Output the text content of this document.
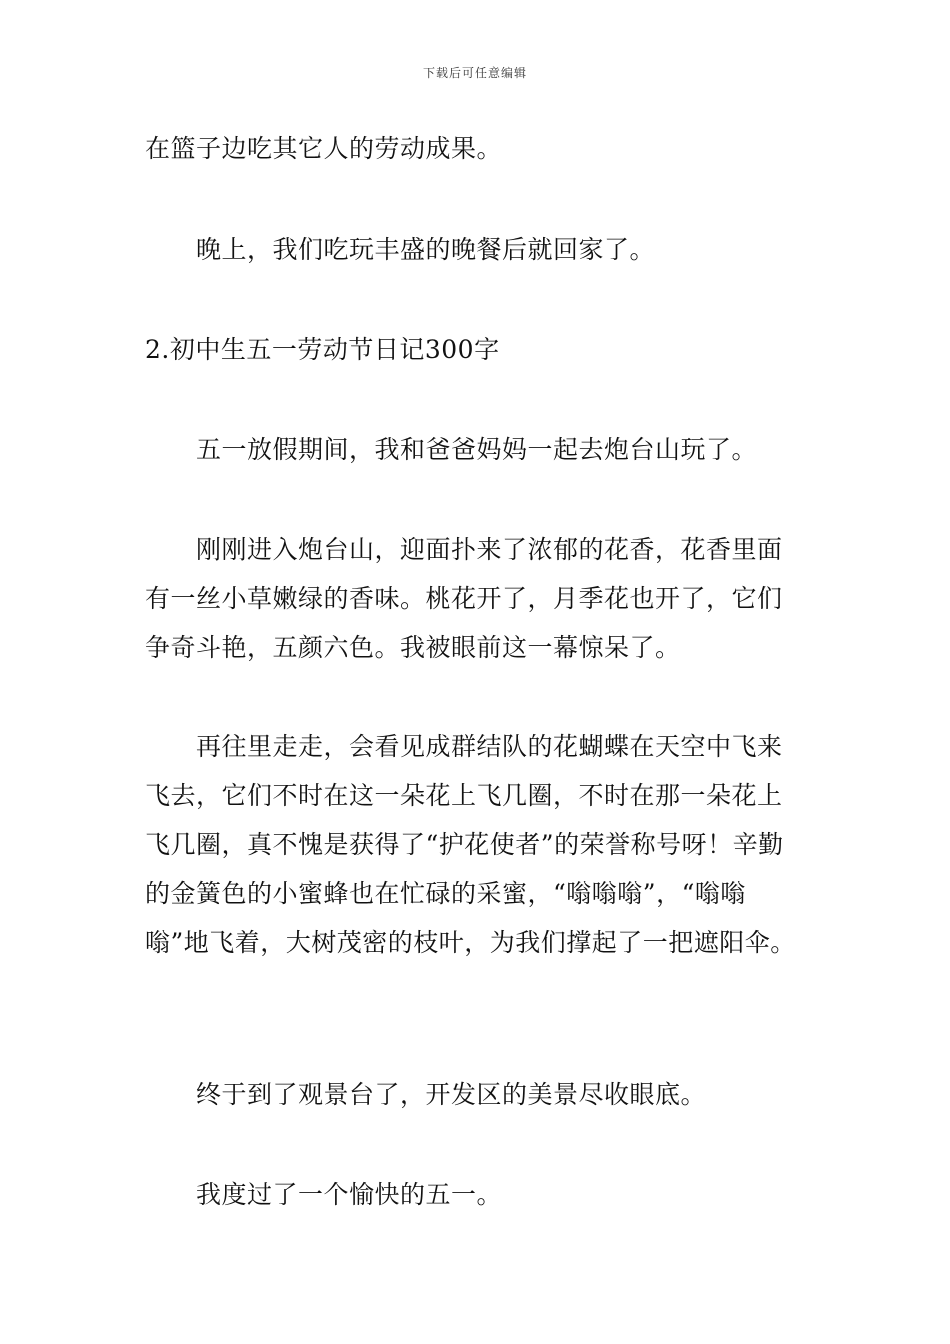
下载后可任意编辑

在篮子边吃其它人的劳动成果。

晚上，我们吃玩丰盛的晚餐后就回家了。

2.初中生五一劳动节日记300字

五一放假期间，我和爸爸妈妈一起去炮台山玩了。

刚刚进入炮台山，迎面扑来了浓郁的花香，花香里面有一丝小草嫩绿的香味。桃花开了，月季花也开了，它们争奇斗艳，五颜六色。我被眼前这一幕惊呆了。

再往里走走，会看见成群结队的花蝴蝶在天空中飞来飞去，它们不时在这一朵花上飞几圈，不时在那一朵花上飞几圈，真不愧是获得了“护花使者”的荣誉称号呀！辛勤的金簧色的小蜜蜂也在忙碌的采蜜，“嗡嗡嗡”，“嗡嗡嗡”地飞着，大树茂密的枝叶，为我们撑起了一把遮阳伞。

终于到了观景台了，开发区的美景尽收眼底。

我度过了一个愉快的五一。
